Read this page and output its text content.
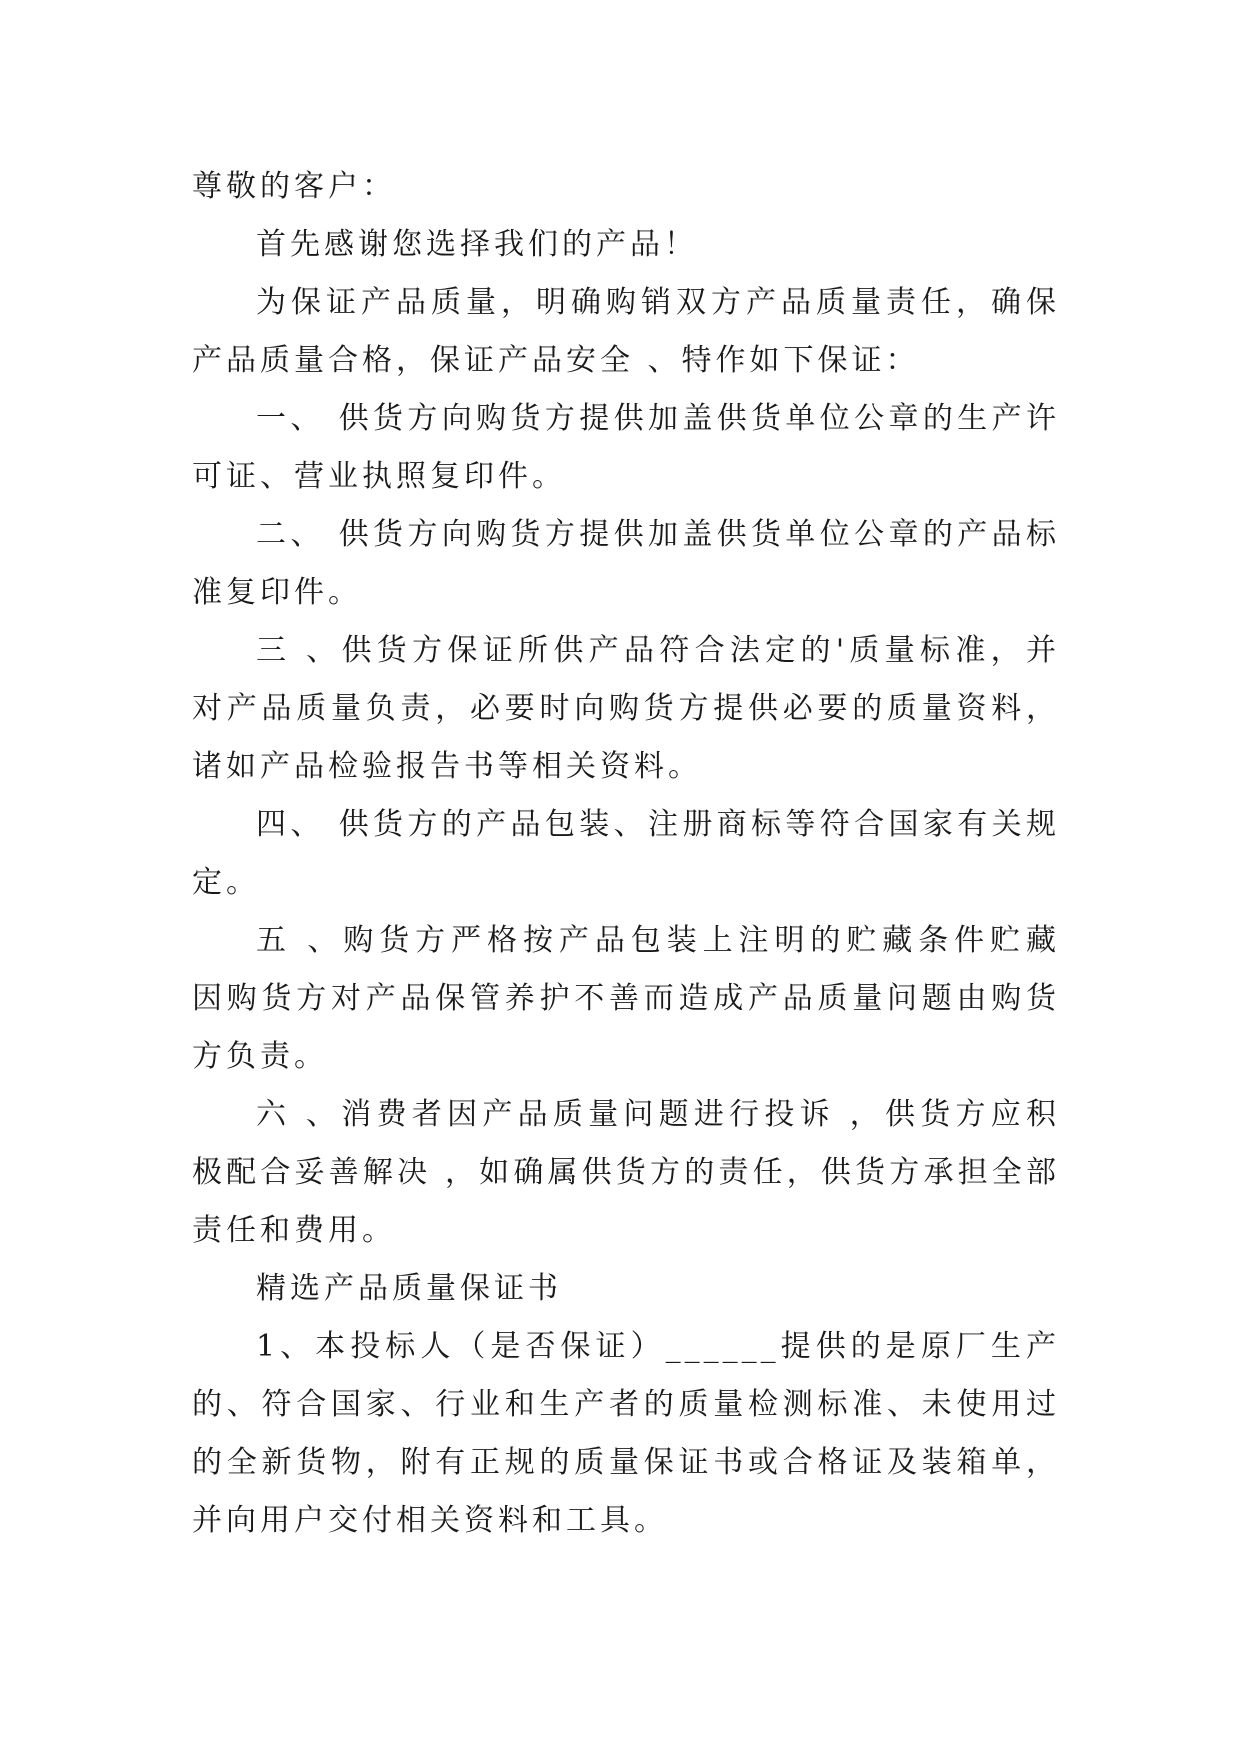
尊敬的客户：

首先感谢您选择我们的产品！

为保证产品质量，明确购销双方产品质量责任，确保产品质量合格，保证产品安全 、特作如下保证：

一、 供货方向购货方提供加盖供货单位公章的生产许可证、营业执照复印件。

二、 供货方向购货方提供加盖供货单位公章的产品标准复印件。

三 、供货方保证所供产品符合法定的'质量标准，并对产品质量负责，必要时向购货方提供必要的质量资料，诸如产品检验报告书等相关资料。

四、 供货方的产品包装、注册商标等符合国家有关规定。

五 、购货方严格按产品包装上注明的贮藏条件贮藏 因购货方对产品保管养护不善而造成产品质量问题由购货方负责。

六 、消费者因产品质量问题进行投诉 ，供货方应积极配合妥善解决 ，如确属供货方的责任，供货方承担全部责任和费用。

精选产品质量保证书

1、本投标人（是否保证）______提供的是原厂生产的、符合国家、行业和生产者的质量检测标准、未使用过的全新货物，附有正规的质量保证书或合格证及装箱单，并向用户交付相关资料和工具。
